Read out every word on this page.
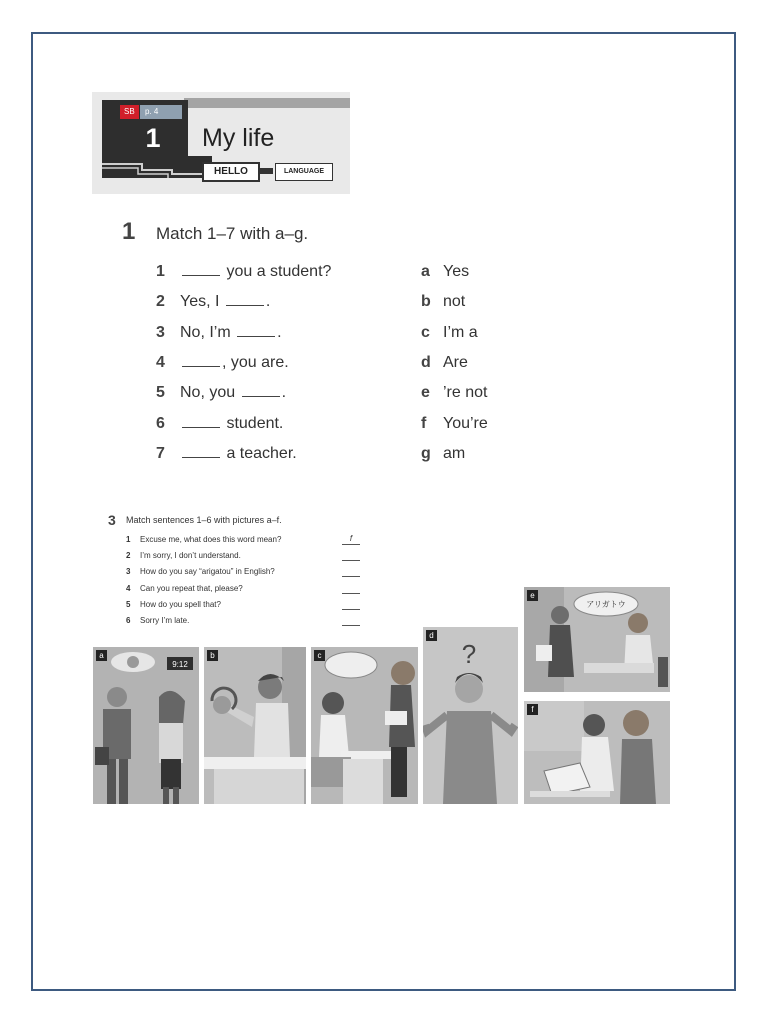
SB	p. 4
1 My life
HELLO	LANGUAGE
1 Match 1–7 with a–g.
1	you a student?
2 Yes, I	.
3 No, I’m	.
4	, you are.
5 No, you	.
6	student.
7	a teacher.
a Yes
b not
c I’m a
d Are
e ’re not
f You’re
g am
3 Match sentences 1–6 with pictures a–f.
1 Excuse me, what does this word mean?	f
2 I’m sorry, I don’t understand.
3 How do you say “arigatou” in English?
4 Can you repeat that, please?
5 How do you spell that?
6 Sorry I’m late.
9:12
a	b	c	?
d
アリガトウ
e
f
